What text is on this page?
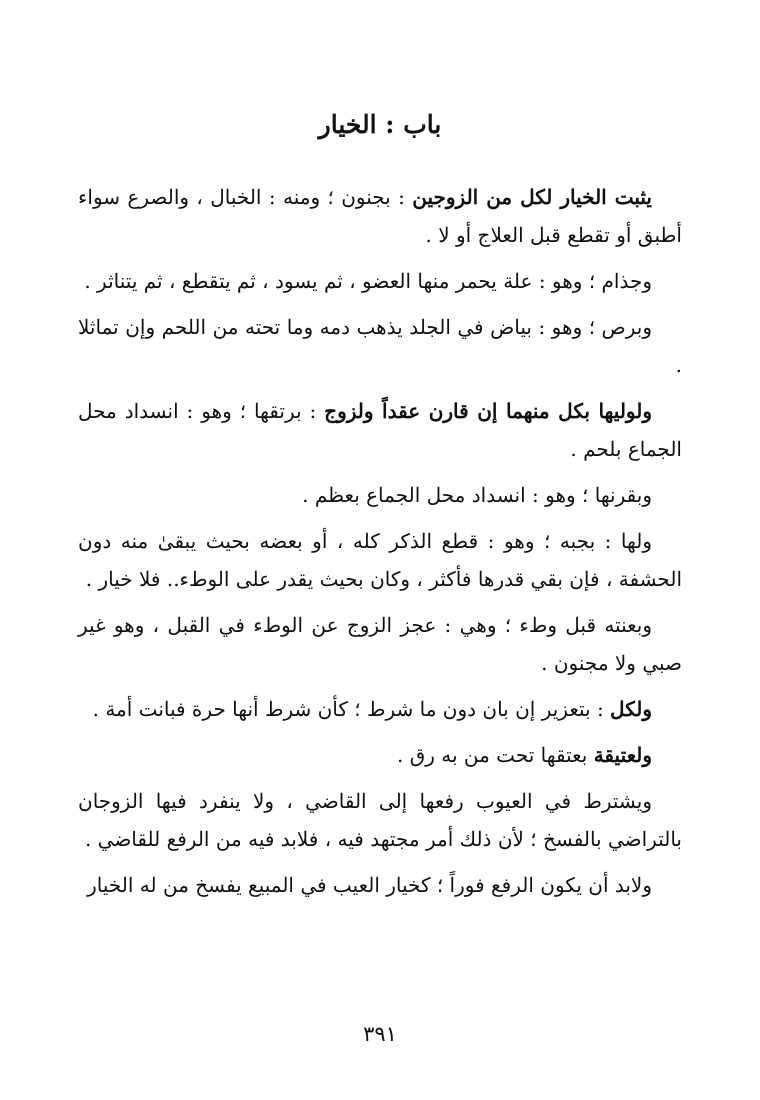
باب : الخيار

يثبت الخيار لكل من الزوجين : بجنون ؛ ومنه : الخبال ، والصرع سواء أطبق أو تقطع قبل العلاج أو لا .

وجذام ؛ وهو : علة يحمر منها العضو ، ثم يسود ، ثم يتقطع ، ثم يتناثر .

وبرص ؛ وهو : بياض في الجلد يذهب دمه وما تحته من اللحم وإن تماثلا .

ولوليها بكل منهما إن قارن عقداً ولزوج : برتقها ؛ وهو : انسداد محل الجماع بلحم .

وبقرنها ؛ وهو : انسداد محل الجماع بعظم .

ولها : بجبه ؛ وهو : قطع الذكر كله ، أو بعضه بحيث يبقىٰ منه دون الحشفة ، فإن بقي قدرها فأكثر ، وكان بحيث يقدر على الوطء.. فلا خيار .

وبعنته قبل وطء ؛ وهي : عجز الزوج عن الوطء في القبل ، وهو غير صبي ولا مجنون .

ولكل : بتعزير إن بان دون ما شرط ؛ كأن شرط أنها حرة فبانت أمة .

ولعتيقة بعتقها تحت من به رق .

ويشترط في العيوب رفعها إلى القاضي ، ولا ينفرد فيها الزوجان بالتراضي بالفسخ ؛ لأن ذلك أمر مجتهد فيه ، فلابد فيه من الرفع للقاضي .

ولابد أن يكون الرفع فوراً ؛ كخيار العيب في المبيع يفسخ من له الخيار

٣٩١
